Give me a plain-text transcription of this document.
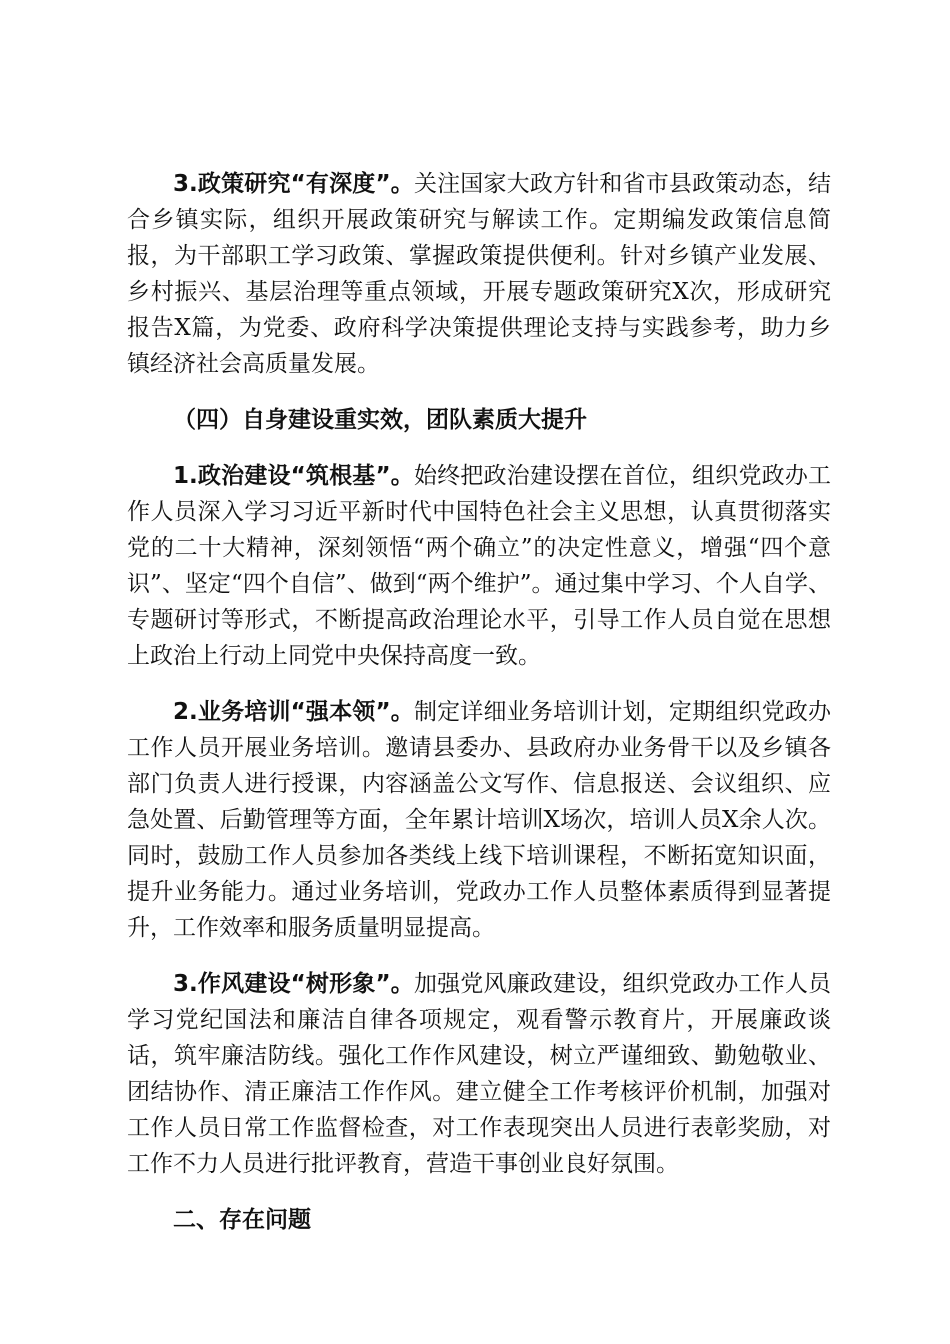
3.政策研究“有深度”。关注国家大政方针和省市县政策动态，结合乡镇实际，组织开展政策研究与解读工作。定期编发政策信息简报，为干部职工学习政策、掌握政策提供便利。针对乡镇产业发展、乡村振兴、基层治理等重点领域，开展专题政策研究X次，形成研究报告X篇，为党委、政府科学决策提供理论支持与实践参考，助力乡镇经济社会高质量发展。

（四）自身建设重实效，团队素质大提升

1.政治建设“筑根基”。始终把政治建设摆在首位，组织党政办工作人员深入学习习近平新时代中国特色社会主义思想，认真贯彻落实党的二十大精神，深刻领悟“两个确立”的决定性意义，增强“四个意识”、坚定“四个自信”、做到“两个维护”。通过集中学习、个人自学、专题研讨等形式，不断提高政治理论水平，引导工作人员自觉在思想上政治上行动上同党中央保持高度一致。

2.业务培训“强本领”。制定详细业务培训计划，定期组织党政办工作人员开展业务培训。邀请县委办、县政府办业务骨干以及乡镇各部门负责人进行授课，内容涵盖公文写作、信息报送、会议组织、应急处置、后勤管理等方面，全年累计培训X场次，培训人员X余人次。同时，鼓励工作人员参加各类线上线下培训课程，不断拓宽知识面，提升业务能力。通过业务培训，党政办工作人员整体素质得到显著提升，工作效率和服务质量明显提高。

3.作风建设“树形象”。加强党风廉政建设，组织党政办工作人员学习党纪国法和廉洁自律各项规定，观看警示教育片，开展廉政谈话，筑牢廉洁防线。强化工作作风建设，树立严谨细致、勤勉敬业、团结协作、清正廉洁工作作风。建立健全工作考核评价机制，加强对工作人员日常工作监督检查，对工作表现突出人员进行表彰奖励，对工作不力人员进行批评教育，营造干事创业良好氛围。

二、存在问题
